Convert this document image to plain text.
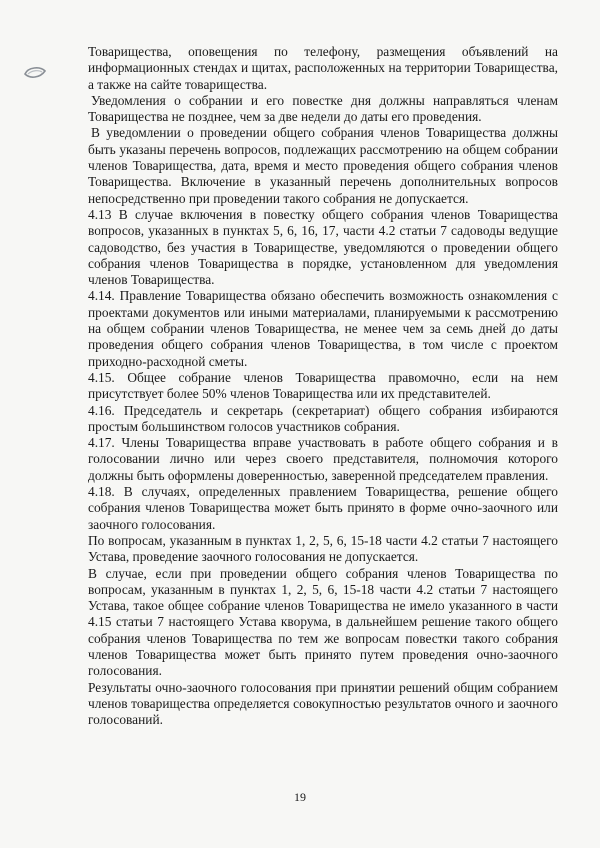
Товарищества, оповещения по телефону, размещения объявлений на информационных стендах и щитах, расположенных на территории Товарищества, а также на сайте товарищества.

Уведомления о собрании и его повестке дня должны направляться членам Товарищества не позднее, чем за две недели до даты его проведения.

В уведомлении о проведении общего собрания членов Товарищества должны быть указаны перечень вопросов, подлежащих рассмотрению на общем собрании членов Товарищества, дата, время и место проведения общего собрания членов Товарищества. Включение в указанный перечень дополнительных вопросов непосредственно при проведении такого собрания не допускается.

4.13 В случае включения в повестку общего собрания членов Товарищества вопросов, указанных в пунктах 5, 6, 16, 17, части 4.2 статьи 7 садоводы ведущие садоводство, без участия в Товариществе, уведомляются о проведении общего собрания членов Товарищества в порядке, установленном для уведомления членов Товарищества.

4.14. Правление Товарищества обязано обеспечить возможность ознакомления с проектами документов или иными материалами, планируемыми к рассмотрению на общем собрании членов Товарищества, не менее чем за семь дней до даты проведения общего собрания членов Товарищества, в том числе с проектом приходно-расходной сметы.

4.15. Общее собрание членов Товарищества правомочно, если на нем присутствует более 50% членов Товарищества или их представителей.

4.16. Председатель и секретарь (секретариат) общего собрания избираются простым большинством голосов участников собрания.

4.17. Члены Товарищества вправе участвовать в работе общего собрания и в голосовании лично или через своего представителя, полномочия которого должны быть оформлены доверенностью, заверенной председателем правления.

4.18. В случаях, определенных правлением Товарищества, решение общего собрания членов Товарищества может быть принято в форме очно-заочного или заочного голосования.

По вопросам, указанным в пунктах 1, 2, 5, 6, 15-18 части 4.2 статьи 7 настоящего Устава, проведение заочного голосования не допускается.

В случае, если при проведении общего собрания членов Товарищества по вопросам, указанным в пунктах 1, 2, 5, 6, 15-18 части 4.2 статьи 7 настоящего Устава, такое общее собрание членов Товарищества не имело указанного в части 4.15 статьи 7 настоящего Устава кворума, в дальнейшем решение такого общего собрания членов Товарищества по тем же вопросам повестки такого собрания членов Товарищества может быть принято путем проведения очно-заочного голосования.

Результаты очно-заочного голосования при принятии решений общим собранием членов товарищества определяется совокупностью результатов очного и заочного голосований.

19
